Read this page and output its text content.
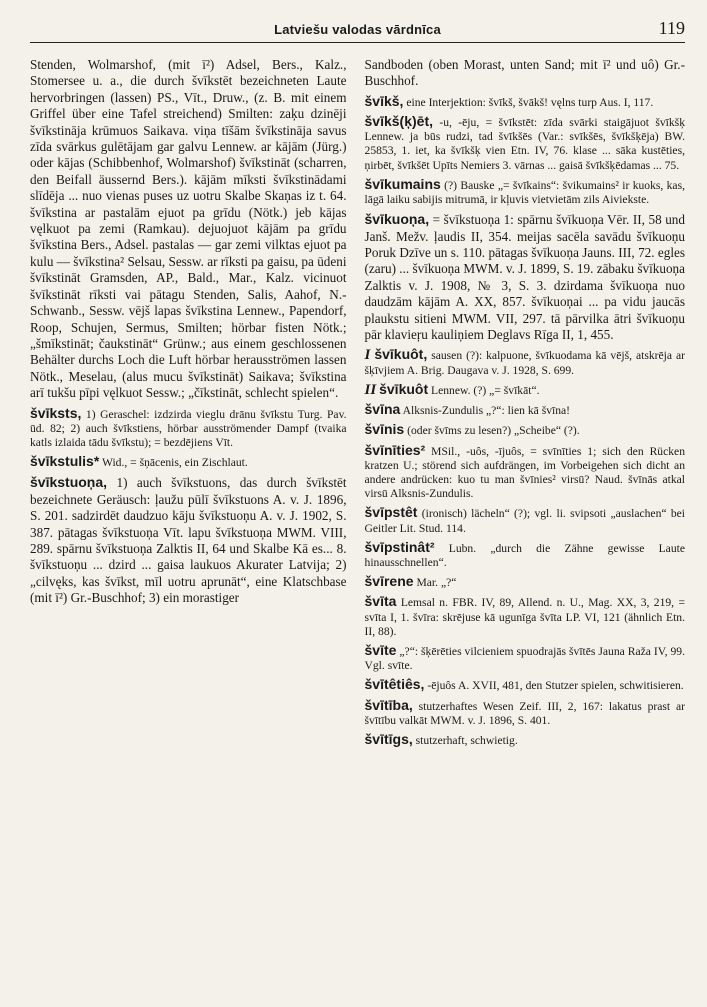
Latviešu valodas vārdnīca	119

Stenden, Wolmarshof, (mit ī²) Adsel, Bers., Kalz., Stomersee u. a., die durch švīkstēt bezeichneten Laute hervorbringen (lassen) PS., Vīt., Druw., (z. B. mit einem Griffel über eine Tafel streichend) Smilten: zaķu dzinēji švīkstināja krūmuos Saikava. viņa tīšām švīkstināja savus zīda svārkus gulētājam gar galvu Lennew. ar kājām (Jürg.) oder kājas (Schibbenhof, Wolmarshof) švīkstināt (scharren, den Beifall äussernd Bers.). kājām mīksti švīkstinādami slīdēja ... nuo vienas puses uz uotru Skalbe Skaņas iz t. 64. švīkstina ar pastalām ejuot pa grīdu (Nötk.) jeb kājas vęlkuot pa zemi (Ramkau). dejuojuot kājām pa grīdu švīkstina Bers., Adsel. pastalas — gar zemi vilktas ejuot pa kulu — švīkstina² Selsau, Sessw. ar rīksti pa gaisu, pa ūdeni švīkstināt Gramsden, AP., Bald., Mar., Kalz. vicinuot švīkstināt rīksti vai pātagu Stenden, Salis, Aahof, N.-Schwanb., Sessw. vējš lapas švīkstina Lennew., Papendorf, Roop, Schujen, Sermus, Smilten; hörbar fisten Nötk.; „šmīkstināt; čaukstināt“ Grünw.; aus einem geschlossenen Behälter durchs Loch die Luft hörbar herausströmen lassen Nötk., Meselau, (alus mucu švīkstināt) Saikava; švīkstina arī tukšu pīpi vęlkuot Sessw.; „čīkstināt, schlecht spielen“.

švīksts, 1) Geraschel: izdzirda vieglu drānu švīkstu Turg. Pav. ūd. 82; 2) auch švīkstiens, hörbar ausströmender Dampf (tvaika katls izlaida tādu švīkstu); = bezdējiens Vīt.

švīkstulis* Wid., = šņācenis, ein Zischlaut.

švīkstuoņa, 1) auch švīkstuons, das durch švīkstēt bezeichnete Geräusch: ļaužu pūlī švīkstuons A. v. J. 1896, S. 201. sadzirdēt daudzuo kāju švīkstuoņu A. v. J. 1902, S. 387. pātagas švīkstuoņa Vīt. lapu švīkstuoņa MWM. VIII, 289. spārnu švīkstuoņa Zalktis II, 64 und Skalbe Kā es... 8. švīkstuoņu ... dzird ... gaisa laukuos Akurater Latvija; 2) „cilvęks, kas švīkst, mīl uotru aprunāt“, eine Klatschbase (mit ī²) Gr.-Buschhof; 3) ein morastiger

Sandboden (oben Morast, unten Sand; mit ī² und uô) Gr.-Buschhof.

švīkš, eine Interjektion: švīkš, švākš! vęlns turp Aus. I, 117.

švīkš(ķ)ēt, -u, -ēju, = švīkstēt: zīda svārki staigājuot švīkšķ Lennew. ja būs rudzi, tad švīkšēs (Var.: svīkšēs, švīkšķēja) BW. 25853, 1. iet, ka švīkšķ vien Etn. IV, 76. klase ... sāka kustēties, ņirbēt, švīkšēt Upīts Nemiers 3. vārnas ... gaisā švīkšķēdamas ... 75.

švīkumains (?) Bauske „= švīkains“: švikumains² ir kuoks, kas, lāgā laiku sabijis mitrumā, ir kļuvis vietvietām zils Aiviekste.

švīkuoņa, = švīkstuoņa 1: spārnu švīkuoņa Vēr. II, 58 und Janš. Mežv. ļaudis II, 354. meijas sacēla savādu švīkuoņu Poruk Dzīve un s. 110. pātagas švīkuoņa Jauns. III, 72. egles (zaru) ... švīkuoņa MWM. v. J. 1899, S. 19. zābaku švīkuoņa Zalktis v. J. 1908, № 3, S. 3. dzirdama švīkuoņa nuo daudzām kājām A. XX, 857. švīkuoņai ... pa vidu jaucās plaukstu sitieni MWM. VII, 297. tā pārvilka ātri švīkuoņu pār klavieŗu kauliņiem Deglavs Rīga II, 1, 455.

I švīkuôt, sausen (?): kalpuone, švīkuodama kā vējš, atskrēja ar šķīvjiem A. Brig. Daugava v. J. 1928, S. 699.

II švīkuôt Lennew. (?) „= švīkāt“.

švīna Alksnis-Zundulis „?“: lien kā švīna!

švīnis (oder švīms zu lesen?) „Scheibe“ (?).

švīnīties² MSil., -uôs, -ījuôs, = svīnīties 1; sich den Rücken kratzen U.; störend sich aufdrängen, im Vorbeigehen sich dicht an andere andrücken: kuo tu man švīnies² virsū? Naud. švīnās atkal virsū Alksnis-Zundulis.

švīpstêt (ironisch) lächeln“ (?); vgl. li. svipsoti „auslachen“ bei Geitler Lit. Stud. 114.

švīpstinât² Lubn. „durch die Zähne gewisse Laute hinausschnellen“.

švīrene Mar. „?“

švīta Lemsal n. FBR. IV, 89, Allend. n. U., Mag. XX, 3, 219, = svīta I, 1. švīra: skrējuse kā ugunīga švīta LP. VI, 121 (ähnlich Etn. II, 88).

švīte „?“: šķērēties vilcieniem spuodrajās švītēs Jauna Raža IV, 99. Vgl. svīte.

švītêtiês, -ējuôs A. XVII, 481, den Stutzer spielen, schwitisieren.

švītība, stutzerhaftes Wesen Zeif. III, 2, 167: lakatus prast ar švītību valkāt MWM. v. J. 1896, S. 401.

švītīgs, stutzerhaft, schwietig.
